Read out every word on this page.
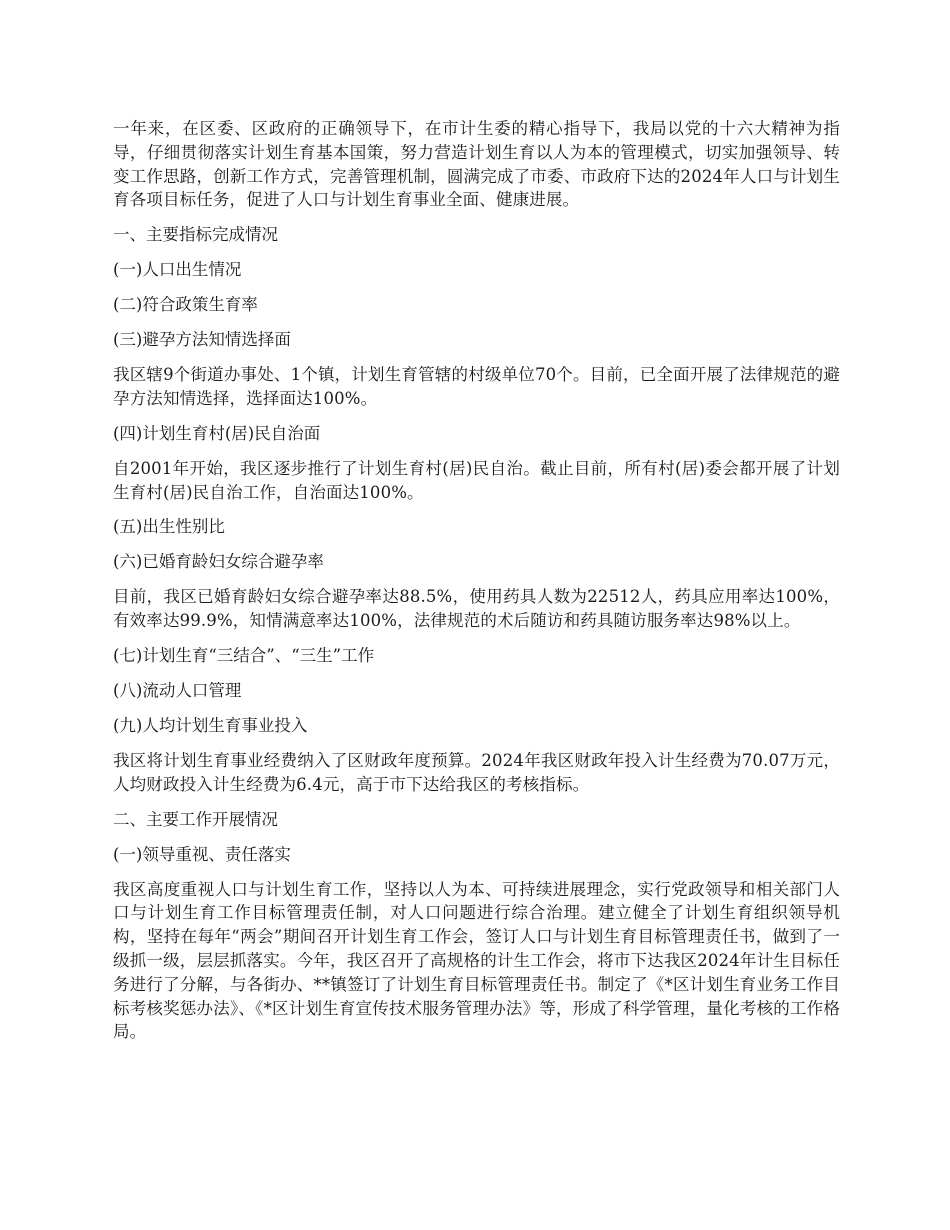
一年来，在区委、区政府的正确领导下，在市计生委的精心指导下，我局以党的十六大精神为指导，仔细贯彻落实计划生育基本国策，努力营造计划生育以人为本的管理模式，切实加强领导、转变工作思路，创新工作方式，完善管理机制，圆满完成了市委、市政府下达的2024年人口与计划生育各项目标任务，促进了人口与计划生育事业全面、健康进展。

一、主要指标完成情况

(一)人口出生情况

(二)符合政策生育率

(三)避孕方法知情选择面

我区辖9个街道办事处、1个镇，计划生育管辖的村级单位70个。目前，已全面开展了法律规范的避孕方法知情选择，选择面达100%。

(四)计划生育村(居)民自治面

自2001年开始，我区逐步推行了计划生育村(居)民自治。截止目前，所有村(居)委会都开展了计划生育村(居)民自治工作，自治面达100%。

(五)出生性别比

(六)已婚育龄妇女综合避孕率

目前，我区已婚育龄妇女综合避孕率达88.5%，使用药具人数为22512人，药具应用率达100%，有效率达99.9%，知情满意率达100%，法律规范的术后随访和药具随访服务率达98%以上。

(七)计划生育“三结合”、“三生”工作

(八)流动人口管理

(九)人均计划生育事业投入

我区将计划生育事业经费纳入了区财政年度预算。2024年我区财政年投入计生经费为70.07万元，人均财政投入计生经费为6.4元，高于市下达给我区的考核指标。

二、主要工作开展情况

(一)领导重视、责任落实

我区高度重视人口与计划生育工作，坚持以人为本、可持续进展理念，实行党政领导和相关部门人口与计划生育工作目标管理责任制，对人口问题进行综合治理。建立健全了计划生育组织领导机构，坚持在每年“两会”期间召开计划生育工作会，签订人口与计划生育目标管理责任书，做到了一级抓一级，层层抓落实。今年，我区召开了高规格的计生工作会，将市下达我区2024年计生目标任务进行了分解，与各街办、**镇签订了计划生育目标管理责任书。制定了《*区计划生育业务工作目标考核奖惩办法》、《*区计划生育宣传技术服务管理办法》等，形成了科学管理，量化考核的工作格局。
